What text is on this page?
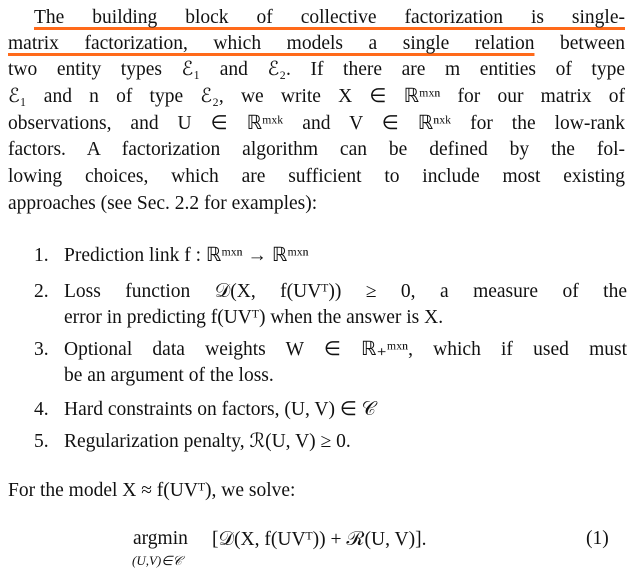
The building block of collective factorization is single-
matrix factorization, which models a single relation between
two entity types ℰ₁ and ℰ₂. If there are m entities of type
ℰ₁ and n of type ℰ₂, we write X ∈ ℝᵐˣⁿ for our matrix of
observations, and U ∈ ℝᵐˣᵏ and V ∈ ℝⁿˣᵏ for the low-rank
factors. A factorization algorithm can be defined by the fol-
lowing choices, which are sufficient to include most existing
approaches (see Sec. 2.2 for examples):
1. Prediction link f : ℝᵐˣⁿ → ℝᵐˣⁿ
2. Loss function 𝒟(X, f(UVᵀ)) ≥ 0, a measure of the
error in predicting f(UVᵀ) when the answer is X.
3. Optional data weights W ∈ ℝ₊ᵐˣⁿ, which if used must
be an argument of the loss.
4. Hard constraints on factors, (U, V) ∈ 𝒞
5. Regularization penalty, ℛ(U, V) ≥ 0.
For the model X ≈ f(UVᵀ), we solve:
argmin
(U,V)∈𝒞
[𝒟(X, f(UVᵀ)) + ℛ(U, V)].	(1)
